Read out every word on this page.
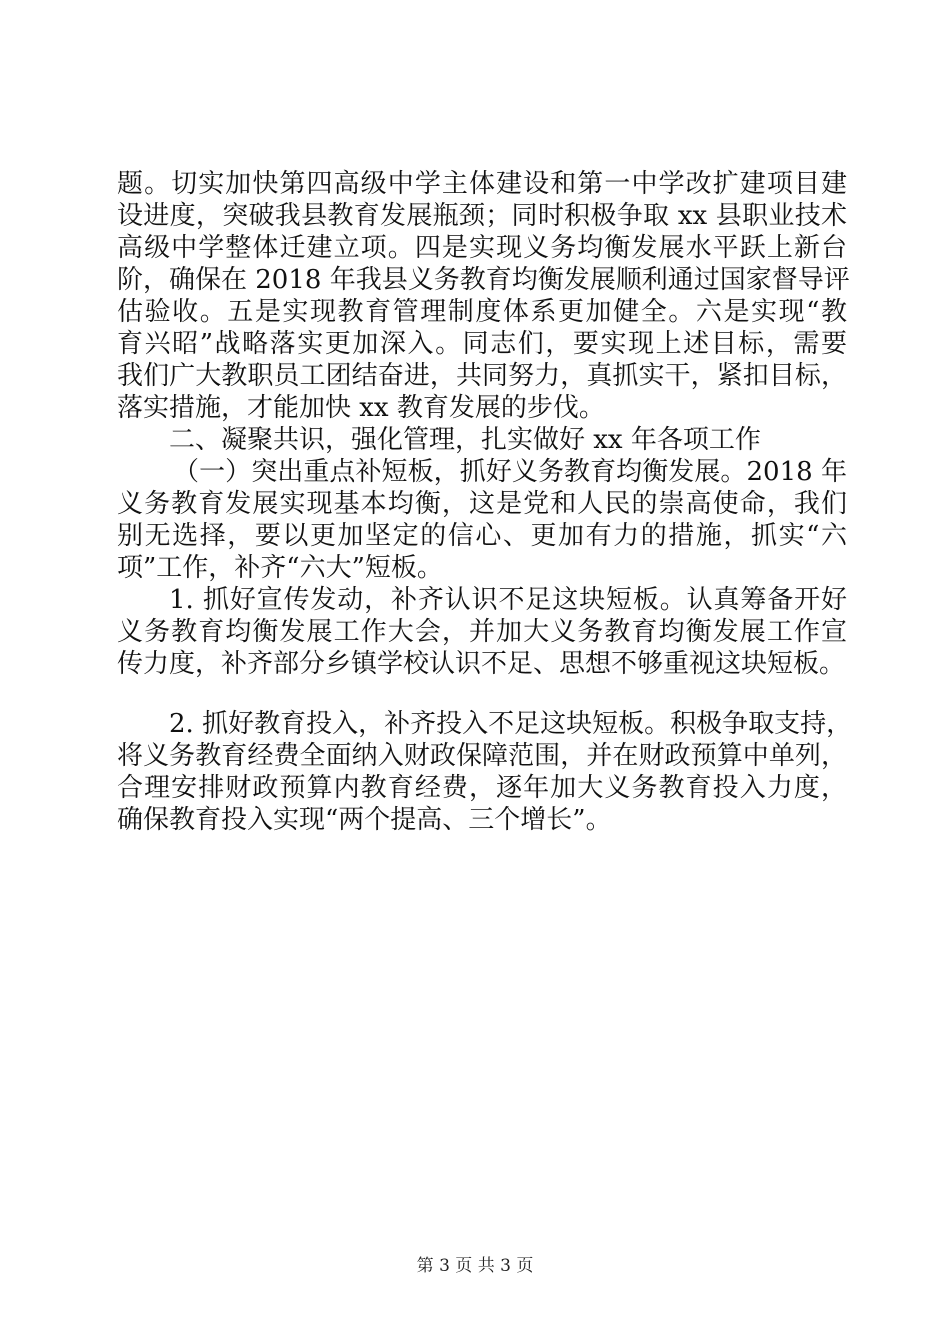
题。切实加快第四高级中学主体建设和第一中学改扩建项目建
设进度，突破我县教育发展瓶颈；同时积极争取 xx 县职业技术
高级中学整体迁建立项。四是实现义务均衡发展水平跃上新台
阶，确保在 2018 年我县义务教育均衡发展顺利通过国家督导评
估验收。五是实现教育管理制度体系更加健全。六是实现“教
育兴昭”战略落实更加深入。同志们，要实现上述目标，需要
我们广大教职员工团结奋进，共同努力，真抓实干，紧扣目标，
落实措施，才能加快 xx 教育发展的步伐。
二、凝聚共识，强化管理，扎实做好 xx 年各项工作
（一）突出重点补短板，抓好义务教育均衡发展。2018 年
义务教育发展实现基本均衡，这是党和人民的崇高使命，我们
别无选择，要以更加坚定的信心、更加有力的措施，抓实“六
项”工作，补齐“六大”短板。
1. 抓好宣传发动，补齐认识不足这块短板。认真筹备开好
义务教育均衡发展工作大会，并加大义务教育均衡发展工作宣
传力度，补齐部分乡镇学校认识不足、思想不够重视这块短板。
2. 抓好教育投入，补齐投入不足这块短板。积极争取支持，
将义务教育经费全面纳入财政保障范围，并在财政预算中单列，
合理安排财政预算内教育经费，逐年加大义务教育投入力度，
确保教育投入实现“两个提高、三个增长”。
第 3 页 共 3 页
